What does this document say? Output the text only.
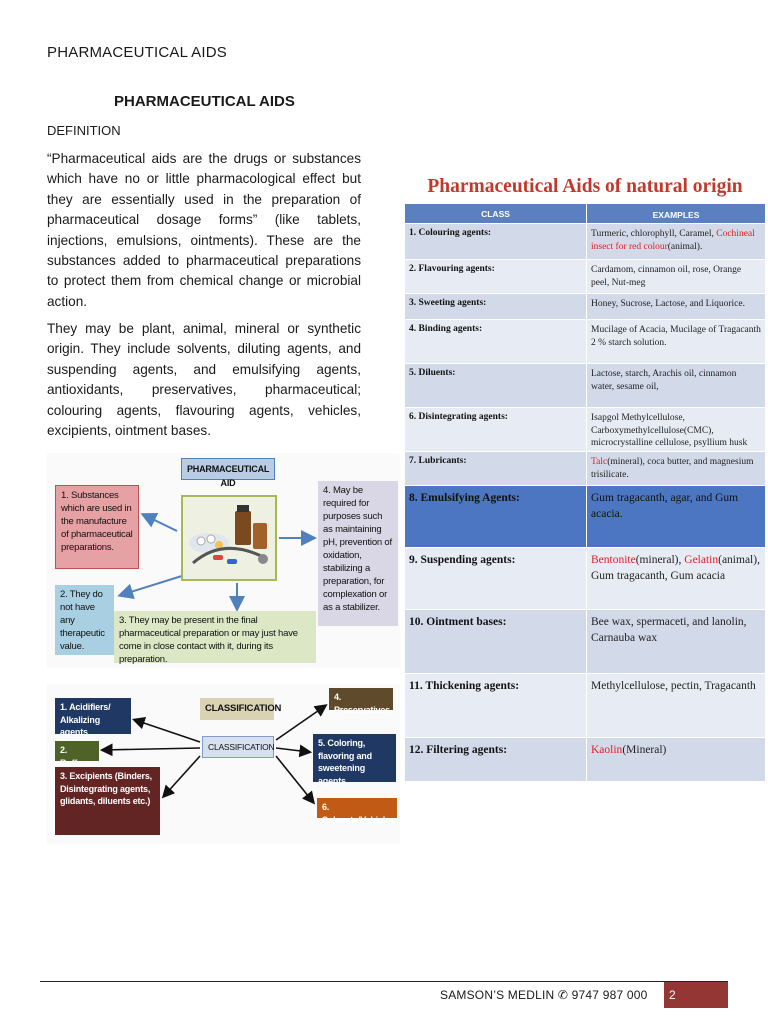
PHARMACEUTICAL AIDS
PHARMACEUTICAL AIDS
DEFINITION
“Pharmaceutical aids are the drugs or substances which have no or little pharmacological effect but they are essentially used in the preparation of pharmaceutical dosage forms” (like tablets, injections, emulsions, ointments). These are the substances added to pharmaceutical preparations to protect them from chemical change or microbial action.
They may be plant, animal, mineral or synthetic origin. They include solvents, diluting agents, and suspending agents, and emulsifying agents, antioxidants, preservatives, pharmaceutical; colouring agents, flavouring agents, vehicles, excipients, ointment bases.
Pharmaceutical Aids of natural origin
CLASS	EXAMPLES
1. Colouring agents:	Turmeric, chlorophyll, Caramel, Cochineal insect for red colour(animal).
2. Flavouring agents:	Cardamom, cinnamon oil, rose, Orange peel, Nut-meg
3. Sweeting agents:	Honey, Sucrose, Lactose, and Liquorice.
4. Binding agents:	Mucilage of Acacia, Mucilage of Tragacanth 2 % starch solution.
5. Diluents:	Lactose, starch, Arachis oil, cinnamon water, sesame oil,
6. Disintegrating agents:	Isapgol Methylcellulose, Carboxymethylcellulose(CMC), microcrystalline cellulose, psyllium husk
7. Lubricants:	Talc(mineral), coca butter, and magnesium trisilicate.
8. Emulsifying Agents:	Gum tragacanth, agar, and Gum acacia.
9. Suspending agents:	Bentonite(mineral), Gelatin(animal), Gum tragacanth, Gum acacia
10. Ointment bases:	Bee wax, spermaceti, and lanolin, Carnauba wax
11. Thickening agents:	Methylcellulose, pectin, Tragacanth
12. Filtering agents:	Kaolin(Mineral)
PHARMACEUTICAL AID
1. Substances which are used in the manufacture of pharmaceutical preparations.
2. They do not have any therapeutic value.
3. They may be present in the final pharmaceutical preparation or may just have come in close contact with it, during its preparation.
4. May be required for purposes such as maintaining pH, prevention of oxidation, stabilizing a preparation, for complexation or as a stabilizer.
CLASSIFICATION
CLASSIFICATION
1. Acidifiers/ Alkalizing agents
2. Buffers
3. Excipients (Binders, Disintegrating agents, glidants, diluents etc.)
4. Preservatives
5. Coloring, flavoring and sweetening agents
6. Solvents/Vehicles
SAMSON’S MEDLIN ✆ 9747 987 000	2
